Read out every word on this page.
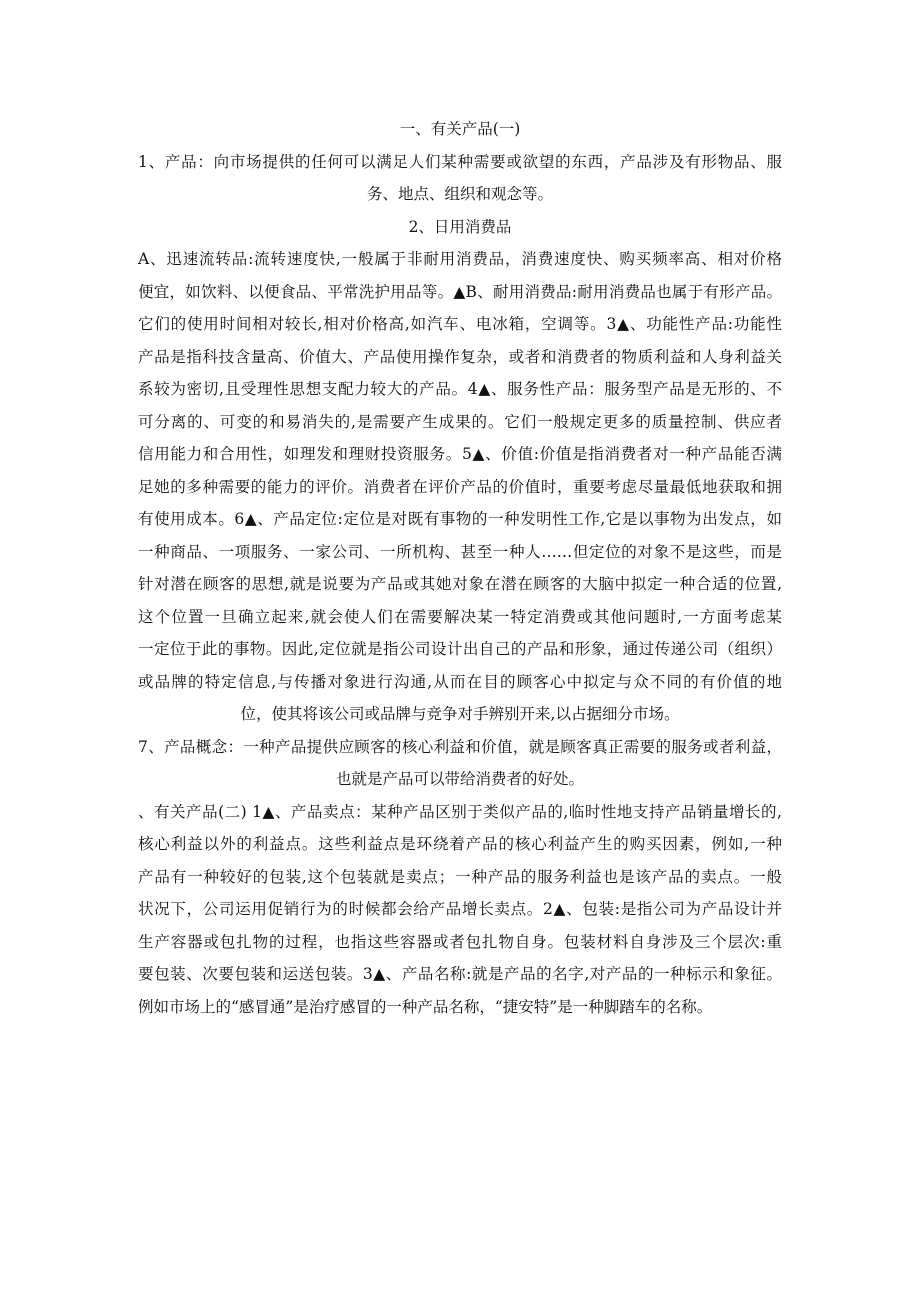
一、有关产品(一)
1、产品：向市场提供的任何可以满足人们某种需要或欲望的东西，产品涉及有形物品、服
务、地点、组织和观念等。
2、日用消费品
A、迅速流转品:流转速度快,一般属于非耐用消费品，消费速度快、购买频率高、相对价格
便宜，如饮料、以便食品、平常洗护用品等。▲B、耐用消费品:耐用消费品也属于有形产品。
它们的使用时间相对较长,相对价格高,如汽车、电冰箱，空调等。3▲、功能性产品:功能性
产品是指科技含量高、价值大、产品使用操作复杂，或者和消费者的物质利益和人身利益关
系较为密切,且受理性思想支配力较大的产品。4▲、服务性产品：服务型产品是无形的、不
可分离的、可变的和易消失的,是需要产生成果的。它们一般规定更多的质量控制、供应者
信用能力和合用性，如理发和理财投资服务。5▲、价值:价值是指消费者对一种产品能否满
足她的多种需要的能力的评价。消费者在评价产品的价值时，重要考虑尽量最低地获取和拥
有使用成本。6▲、产品定位:定位是对既有事物的一种发明性工作,它是以事物为出发点，如
一种商品、一项服务、一家公司、一所机构、甚至一种人……但定位的对象不是这些，而是
针对潜在顾客的思想,就是说要为产品或其她对象在潜在顾客的大脑中拟定一种合适的位置,
这个位置一旦确立起来,就会使人们在需要解决某一特定消费或其他问题时,一方面考虑某
一定位于此的事物。因此,定位就是指公司设计出自己的产品和形象，通过传递公司（组织）
或品牌的特定信息,与传播对象进行沟通,从而在目的顾客心中拟定与众不同的有价值的地
位，使其将该公司或品牌与竞争对手辨别开来,以占据细分市场。
7、产品概念：一种产品提供应顾客的核心利益和价值，就是顾客真正需要的服务或者利益，
也就是产品可以带给消费者的好处。
、有关产品(二) 1▲、产品卖点：某种产品区别于类似产品的,临时性地支持产品销量增长的,
核心利益以外的利益点。这些利益点是环绕着产品的核心利益产生的购买因素，例如,一种
产品有一种较好的包装,这个包装就是卖点；一种产品的服务利益也是该产品的卖点。一般
状况下，公司运用促销行为的时候都会给产品增长卖点。2▲、包装:是指公司为产品设计并
生产容器或包扎物的过程，也指这些容器或者包扎物自身。包装材料自身涉及三个层次:重
要包装、次要包装和运送包装。3▲、产品名称:就是产品的名字,对产品的一种标示和象征。
例如市场上的“感冒通”是治疗感冒的一种产品名称，“捷安特”是一种脚踏车的名称。
